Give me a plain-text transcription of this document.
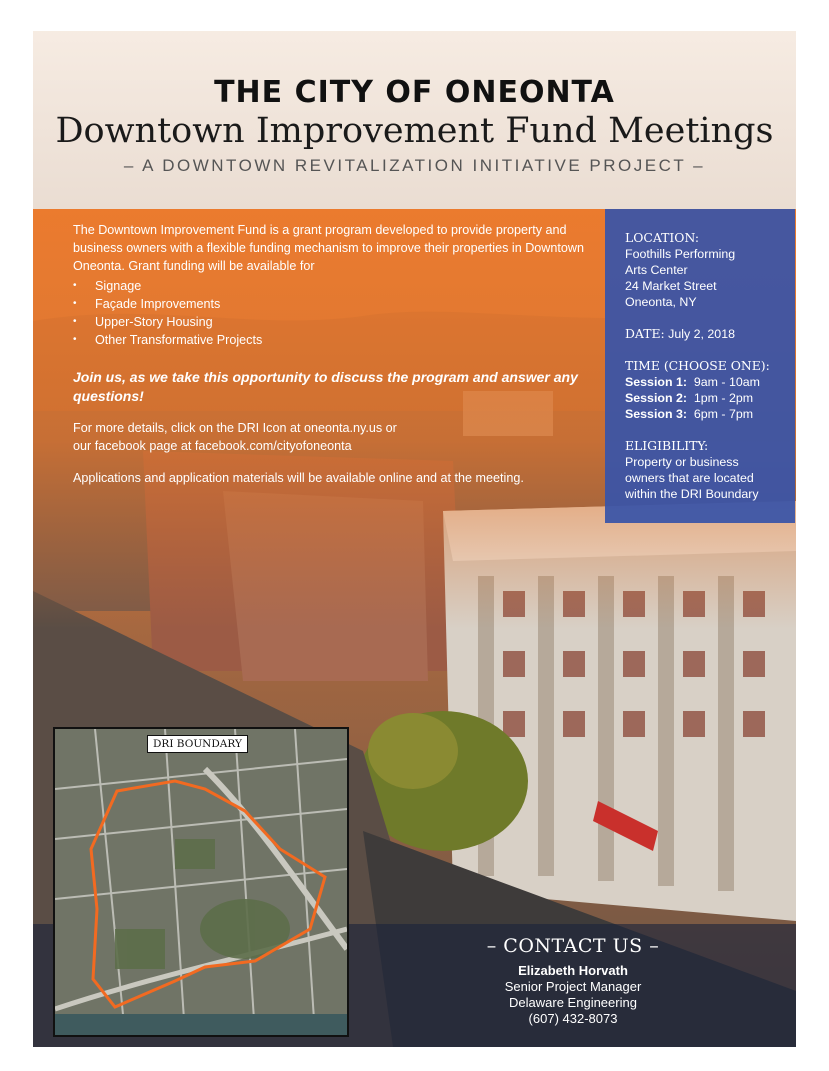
THE CITY OF ONEONTA
Downtown Improvement Fund Meetings
– A DOWNTOWN REVITALIZATION INITIATIVE PROJECT –

The Downtown Improvement Fund is a grant program developed to provide property and business owners with a flexible funding mechanism to improve their properties in Downtown Oneonta. Grant funding will be available for

• Signage
• Façade Improvements
• Upper-Story Housing
• Other Transformative Projects

Join us, as we take this opportunity to discuss the program and answer any questions!

For more details, click on the DRI Icon at oneonta.ny.us or
our facebook page at facebook.com/cityofoneonta

Applications and application materials will be available online and at the meeting.

LOCATION:
Foothills Performing
Arts Center
24 Market Street
Oneonta, NY
DATE: July 2, 2018
TIME (CHOOSE ONE):
Session 1: 9am - 10am
Session 2: 1pm - 2pm
Session 3: 6pm - 7pm
ELIGIBILITY:
Property or business
owners that are located
within the DRI Boundary
– CONTACT US –
Elizabeth Horvath
Senior Project Manager
Delaware Engineering
(607) 432-8073
DRI BOUNDARY
